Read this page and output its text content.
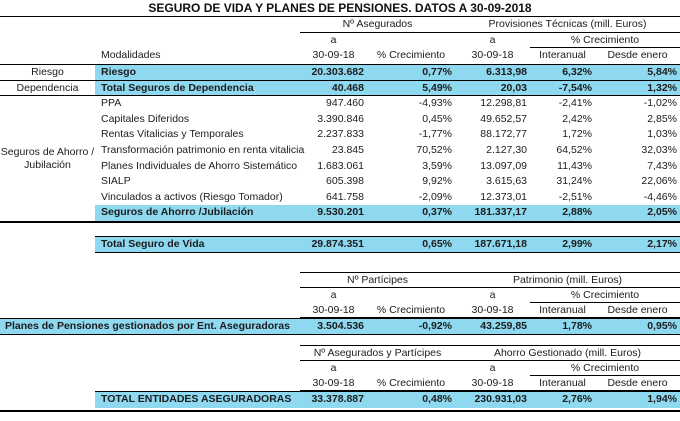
SEGURO DE VIDA Y PLANES DE PENSIONES. DATOS A 30-09-2018
Nº Asegurados	Provisiones Técnicas (mill. Euros)
a	a	% Crecimiento
Modalidades	30-09-18	% Crecimiento	30-09-18	Interanual	Desde enero
Seguros de Ahorro /
Jubilación
Riesgo	Riesgo	20.303.682	0,77%	6.313,98	6,32%	5,84%
Dependencia	Total Seguros de Dependencia	40.468	5,49%	20,03	-7,54%	1,32%
PPA	947.460	-4,93%	12.298,81	-2,41%	-1,02%
Capitales Diferidos	3.390.846	0,45%	49.652,57	2,42%	2,85%
Rentas Vitalicias y Temporales	2.237.833	-1,77%	88.172,77	1,72%	1,03%
Transformación patrimonio en renta vitalicia	23.845	70,52%	2.127,30	64,52%	32,03%
Planes Individuales de Ahorro Sistemático	1.683.061	3,59%	13.097,09	11,43%	7,43%
SIALP	605.398	9,92%	3.615,63	31,24%	22,06%
Vinculados a activos (Riesgo Tomador)	641.758	-2,09%	12.373,01	-2,51%	-4,46%
Seguros de Ahorro /Jubilación	9.530.201	0,37%	181.337,17	2,88%	2,05%
Total Seguro de Vida	29.874.351	0,65%	187.671,18	2,99%	2,17%
Nº Partícipes	Patrimonio (mill. Euros)
a	a	% Crecimiento
30-09-18	% Crecimiento	30-09-18	Interanual	Desde enero
Planes de Pensiones gestionados por Ent. Aseguradoras	3.504.536	-0,92%	43.259,85	1,78%	0,95%
Nº Asegurados y Partícipes	Ahorro Gestionado (mill. Euros)
a	a	% Crecimiento
30-09-18	% Crecimiento	30-09-18	Interanual	Desde enero
TOTAL ENTIDADES ASEGURADORAS	33.378.887	0,48%	230.931,03	2,76%	1,94%
